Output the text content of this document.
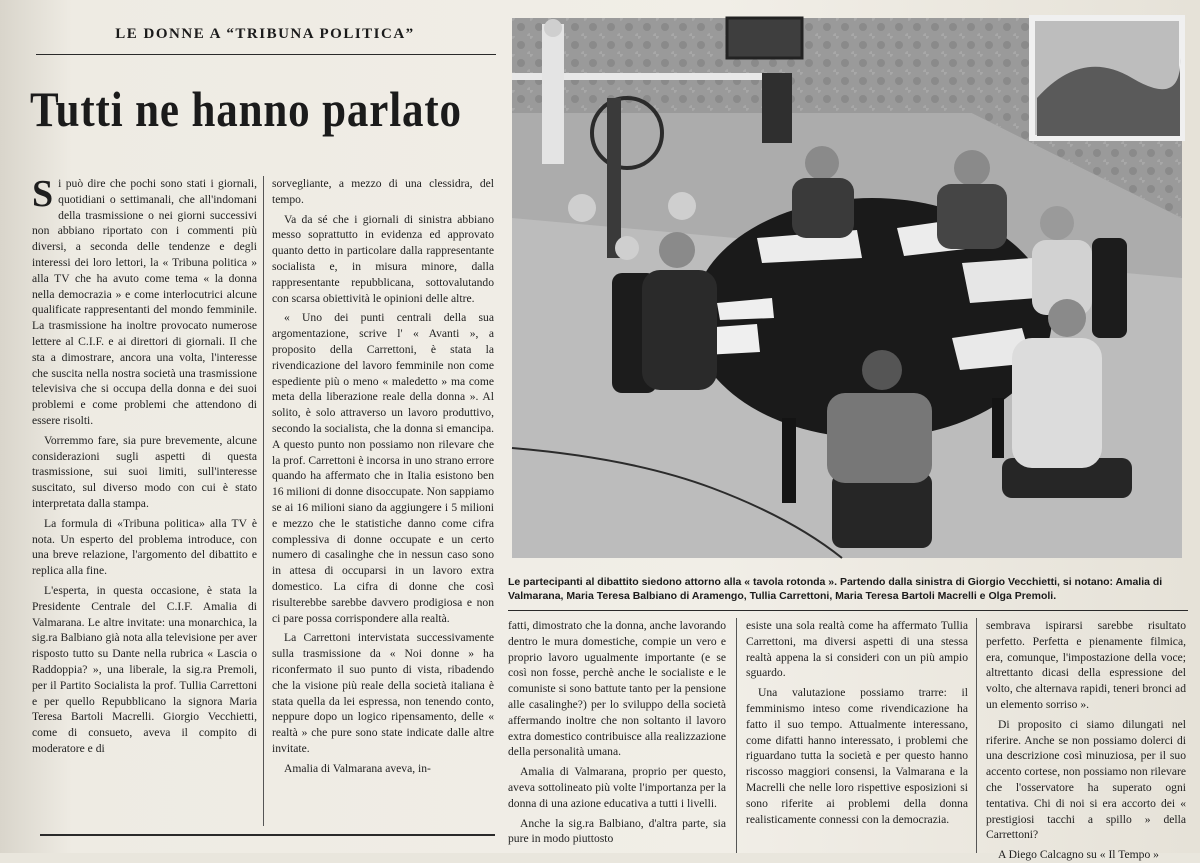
LE DONNE A “TRIBUNA POLITICA”
Tutti ne hanno parlato
S i può dire che pochi sono stati i giornali, quotidiani o settimanali, che all'indomani della trasmissione o nei giorni successivi non abbiano riportato con i commenti più diversi, a seconda delle tendenze e degli interessi dei loro lettori, la « Tribuna politica » alla TV che ha avuto come tema « la donna nella democrazia » e come interlocutrici alcune qualificate rappresentanti del mondo femminile. La trasmissione ha inoltre provocato numerose lettere al C.I.F. e ai direttori di giornali. Il che sta a dimostrare, ancora una volta, l'interesse che suscita nella nostra società una trasmissione televisiva che si occupa della donna e dei suoi problemi e come problemi che attendono di essere risolti.

Vorremmo fare, sia pure brevemente, alcune considerazioni sugli aspetti di questa trasmissione, sui suoi limiti, sull'interesse suscitato, sul diverso modo con cui è stato interpretata dalla stampa.

La formula di «Tribuna politica» alla TV è nota. Un esperto del problema introduce, con una breve relazione, l'argomento del dibattito e replica alla fine.

L'esperta, in questa occasione, è stata la Presidente Centrale del C.I.F. Amalia di Valmarana. Le altre invitate: una monarchica, la sig.ra Balbiano già nota alla televisione per aver risposto tutto su Dante nella rubrica « Lascia o Raddoppia? », una liberale, la sig.ra Premoli, per il Partito Socialista la prof. Tullia Carrettoni e per quello Repubblicano la signora Maria Teresa Bartoli Macrelli. Giorgio Vecchietti, come di consueto, aveva il compito di moderatore e di

sorvegliante, a mezzo di una clessidra, del tempo.

Va da sé che i giornali di sinistra abbiano messo soprattutto in evidenza ed approvato quanto detto in particolare dalla rappresentante socialista e, in misura minore, dalla rappresentante repubblicana, sottovalutando con scarsa obiettività le opinioni delle altre.

« Uno dei punti centrali della sua argomentazione, scrive l' « Avanti », a proposito della Carrettoni, è stata la rivendicazione del lavoro femminile non come espediente più o meno « maledetto » ma come meta della liberazione reale della donna ». Al solito, è solo attraverso un lavoro produttivo, secondo la socialista, che la donna si emancipa. A questo punto non possiamo non rilevare che la prof. Carrettoni è incorsa in uno strano errore quando ha affermato che in Italia esistono ben 16 milioni di donne disoccupate. Non sappiamo se ai 16 milioni siano da aggiungere i 5 milioni e mezzo che le statistiche danno come cifra complessiva di donne occupate e un certo numero di casalinghe che in nessun caso sono in attesa di occuparsi in un lavoro extra domestico. La cifra di donne che così risulterebbe sarebbe davvero prodigiosa e non ci pare possa corrispondere alla realtà.

La Carrettoni intervistata successivamente sulla trasmissione da « Noi donne » ha riconfermato il suo punto di vista, ribadendo che la visione più reale della società italiana è stata quella da lei espressa, non tenendo conto, neppure dopo un logico ripensamento, delle « realtà » che pure sono state indicate dalle altre invitate.

Amalia di Valmarana aveva, in-

Le partecipanti al dibattito siedono attorno alla « tavola rotonda ». Partendo dalla sinistra di Giorgio Vecchietti, si notano: Amalia di Valmarana, Maria Teresa Balbiano di Aramengo, Tullia Carrettoni, Maria Teresa Bartoli Macrelli e Olga Premoli.

fatti, dimostrato che la donna, anche lavorando dentro le mura domestiche, compie un vero e proprio lavoro ugualmente importante (e se così non fosse, perchè anche le socialiste e le comuniste si sono battute tanto per la pensione alle casalinghe?) per lo sviluppo della società affermando inoltre che non soltanto il lavoro extra domestico contribuisce alla realizzazione della personalità umana.

Amalia di Valmarana, proprio per questo, aveva sottolineato più volte l'importanza per la donna di una azione educativa a tutti i livelli.

Anche la sig.ra Balbiano, d'altra parte, sia pure in modo piuttosto

esiste una sola realtà come ha affermato Tullia Carrettoni, ma diversi aspetti di una stessa realtà appena la si consideri con un più ampio sguardo.

Una valutazione possiamo trarre: il femminismo inteso come rivendicazione ha fatto il suo tempo. Attualmente interessano, come difatti hanno interessato, i problemi che riguardano tutta la società e per questo hanno riscosso maggiori consensi, la Valmarana e la Macrelli che nelle loro rispettive esposizioni si sono riferite ai problemi della donna realisticamente connessi con la democrazia.

sembrava ispirarsi sarebbe risultato perfetto. Perfetta e pienamente filmica, era, comunque, l'impostazione della voce; altrettanto dicasi della espressione del volto, che alternava rapidi, teneri bronci ad un elemento sorriso ».

Di proposito ci siamo dilungati nel riferire. Anche se non possiamo dolerci di una descrizione così minuziosa, per il suo accento cortese, non possiamo non rilevare che l'osservatore ha superato ogni tentativa. Chi di noi si era accorto dei « prestigiosi tacchi a spillo » della Carrettoni?

A Diego Calcagno su « Il Tempo »
